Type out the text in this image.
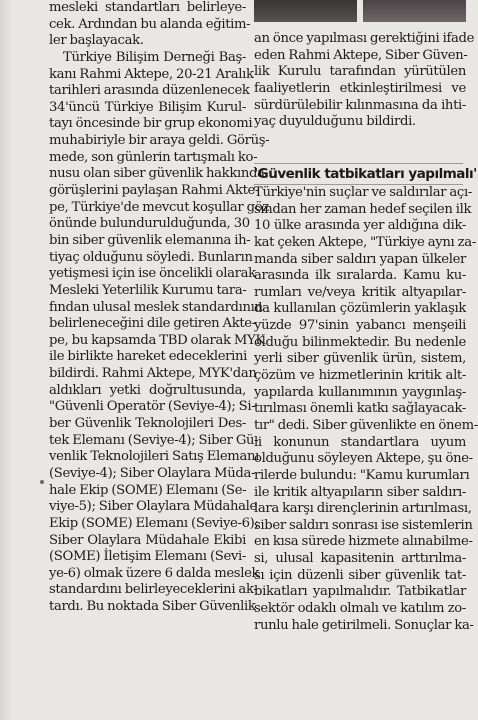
mesleki standartları belirleye-
cek. Ardından bu alanda eğitim-
ler başlayacak.
Türkiye Bilişim Derneği Baş-
kanı Rahmi Aktepe, 20-21 Aralık
tarihleri arasında düzenlenecek
34'üncü Türkiye Bilişim Kurul-
tayı öncesinde bir grup ekonomi
muhabiriyle bir araya geldi. Görüş-
mede, son günlerin tartışmalı ko-
nusu olan siber güvenlik hakkında
görüşlerini paylaşan Rahmi Akte-
pe, Türkiye'de mevcut koşullar göz
önünde bulundurulduğunda, 30
bin siber güvenlik elemanına ih-
tiyaç olduğunu söyledi. Bunların
yetişmesi için ise öncelikli olarak
Mesleki Yeterlilik Kurumu tara-
fından ulusal meslek standardının
belirleneceğini dile getiren Akte-
pe, bu kapsamda TBD olarak MYK
ile birlikte hareket edeceklerini
bildirdi. Rahmi Aktepe, MYK'dan
aldıkları yetki doğrultusunda,
"Güvenli Operatör (Seviye-4); Si-
ber Güvenlik Teknolojileri Des-
tek Elemanı (Seviye-4); Siber Gü-
venlik Teknolojileri Satış Elemanı
(Seviye-4); Siber Olaylara Müda-
hale Ekip (SOME) Elemanı (Se-
viye-5); Siber Olaylara Müdahale
Ekip (SOME) Elemanı (Seviye-6);
Siber Olaylara Müdahale Ekibi
(SOME) İletişim Elemanı (Sevi-
ye-6) olmak üzere 6 dalda meslek
standardını belirleyeceklerini ak-
tardı. Bu noktada Siber Güvenlik
an önce yapılması gerektiğini ifade
eden Rahmi Aktepe, Siber Güven-
lik Kurulu tarafından yürütülen
faaliyetlerin etkinleştirilmesi ve
sürdürülebilir kılınmasına da ihti-
yaç duyulduğunu bildirdi.
'Güvenlik tatbikatları yapılmalı'
Türkiye'nin suçlar ve saldırılar açı-
sından her zaman hedef seçilen ilk
10 ülke arasında yer aldığına dik-
kat çeken Aktepe, "Türkiye aynı za-
manda siber saldırı yapan ülkeler
arasında ilk sıralarda. Kamu ku-
rumları ve/veya kritik altyapılar-
da kullanılan çözümlerin yaklaşık
yüzde 97'sinin yabancı menşeili
olduğu bilinmektedir. Bu nedenle
yerli siber güvenlik ürün, sistem,
çözüm ve hizmetlerinin kritik alt-
yapılarda kullanımının yaygınlaş-
tırılması önemli katkı sağlayacak-
tır" dedi. Siber güvenlikte en önem-
li konunun standartlara uyum
olduğunu söyleyen Aktepe, şu öne-
rilerde bulundu: "Kamu kurumları
ile kritik altyapıların siber saldırı-
lara karşı dirençlerinin artırılması,
siber saldırı sonrası ise sistemlerin
en kısa sürede hizmete alınabilme-
si, ulusal kapasitenin arttırılma-
sı için düzenli siber güvenlik tat-
bikatları yapılmalıdır. Tatbikatlar
sektör odaklı olmalı ve katılım zo-
runlu hale getirilmeli. Sonuçlar ka-
